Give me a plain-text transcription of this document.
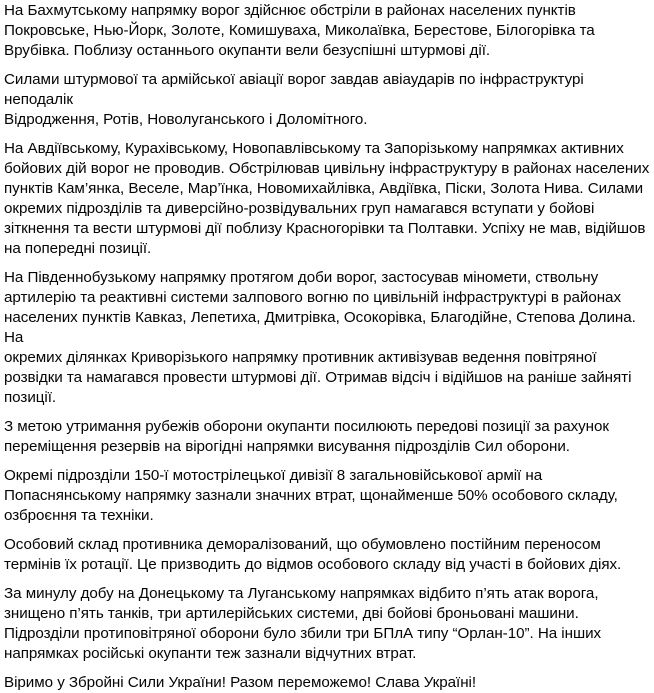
На Бахмутському напрямку ворог здійснює обстріли в районах населених пунктів
Покровське, Нью-Йорк, Золоте, Комишуваха, Миколаївка, Берестове, Білогорівка та
Врубівка. Поблизу останнього окупанти вели безуспішні штурмові дії.

Силами штурмової та армійської авіації ворог завдав авіаударів по інфраструктурі неподалік
Відродження, Ротів, Новолуганського і Доломітного.

На Авдіївському, Курахівському, Новопавлівському та Запорізькому напрямках активних
бойових дій ворог не проводив. Обстрілював цивільну інфраструктуру в районах населених
пунктів Кам’янка, Веселе, Мар’їнка, Новомихайлівка, Авдіївка, Піски, Золота Нива. Силами
окремих підрозділів та диверсійно-розвідувальних груп намагався вступати у бойові
зіткнення та вести штурмові дії поблизу Красногорівки та Полтавки. Успіху не мав, відійшов
на попередні позиції.

На Південнобузькому напрямку протягом доби ворог, застосував міномети, ствольну
артилерію та реактивні системи залпового вогню по цивільній інфраструктурі в районах
населених пунктів Кавказ, Лепетиха, Дмитрівка, Осокорівка, Благодійне, Степова Долина. На
окремих ділянках Криворізького напрямку противник активізував ведення повітряної
розвідки та намагався провести штурмові дії. Отримав відсіч і відійшов на раніше зайняті
позиції.

З метою утримання рубежів оборони окупанти посилюють передові позиції за рахунок
переміщення резервів на вірогідні напрямки висування підрозділів Сил оборони.

Окремі підрозділи 150-ї мотострілецької дивізії 8 загальновійськової армії на
Попаснянському напрямку зазнали значних втрат, щонайменше 50% особового складу,
озброєння та техніки.

Особовий склад противника деморалізований, що обумовлено постійним переносом
термінів їх ротації. Це призводить до відмов особового складу від участі в бойових діях.

За минулу добу на Донецькому та Луганському напрямках відбито п’ять атак ворога,
знищено п’ять танків, три артилерійських системи, дві бойові броньовані машини.
Підрозділи протиповітряної оборони було збили три БПлА типу “Орлан-10”. На інших
напрямках російські окупанти теж зазнали відчутних втрат.

Віримо у Збройні Сили України! Разом переможемо! Слава Україні!
